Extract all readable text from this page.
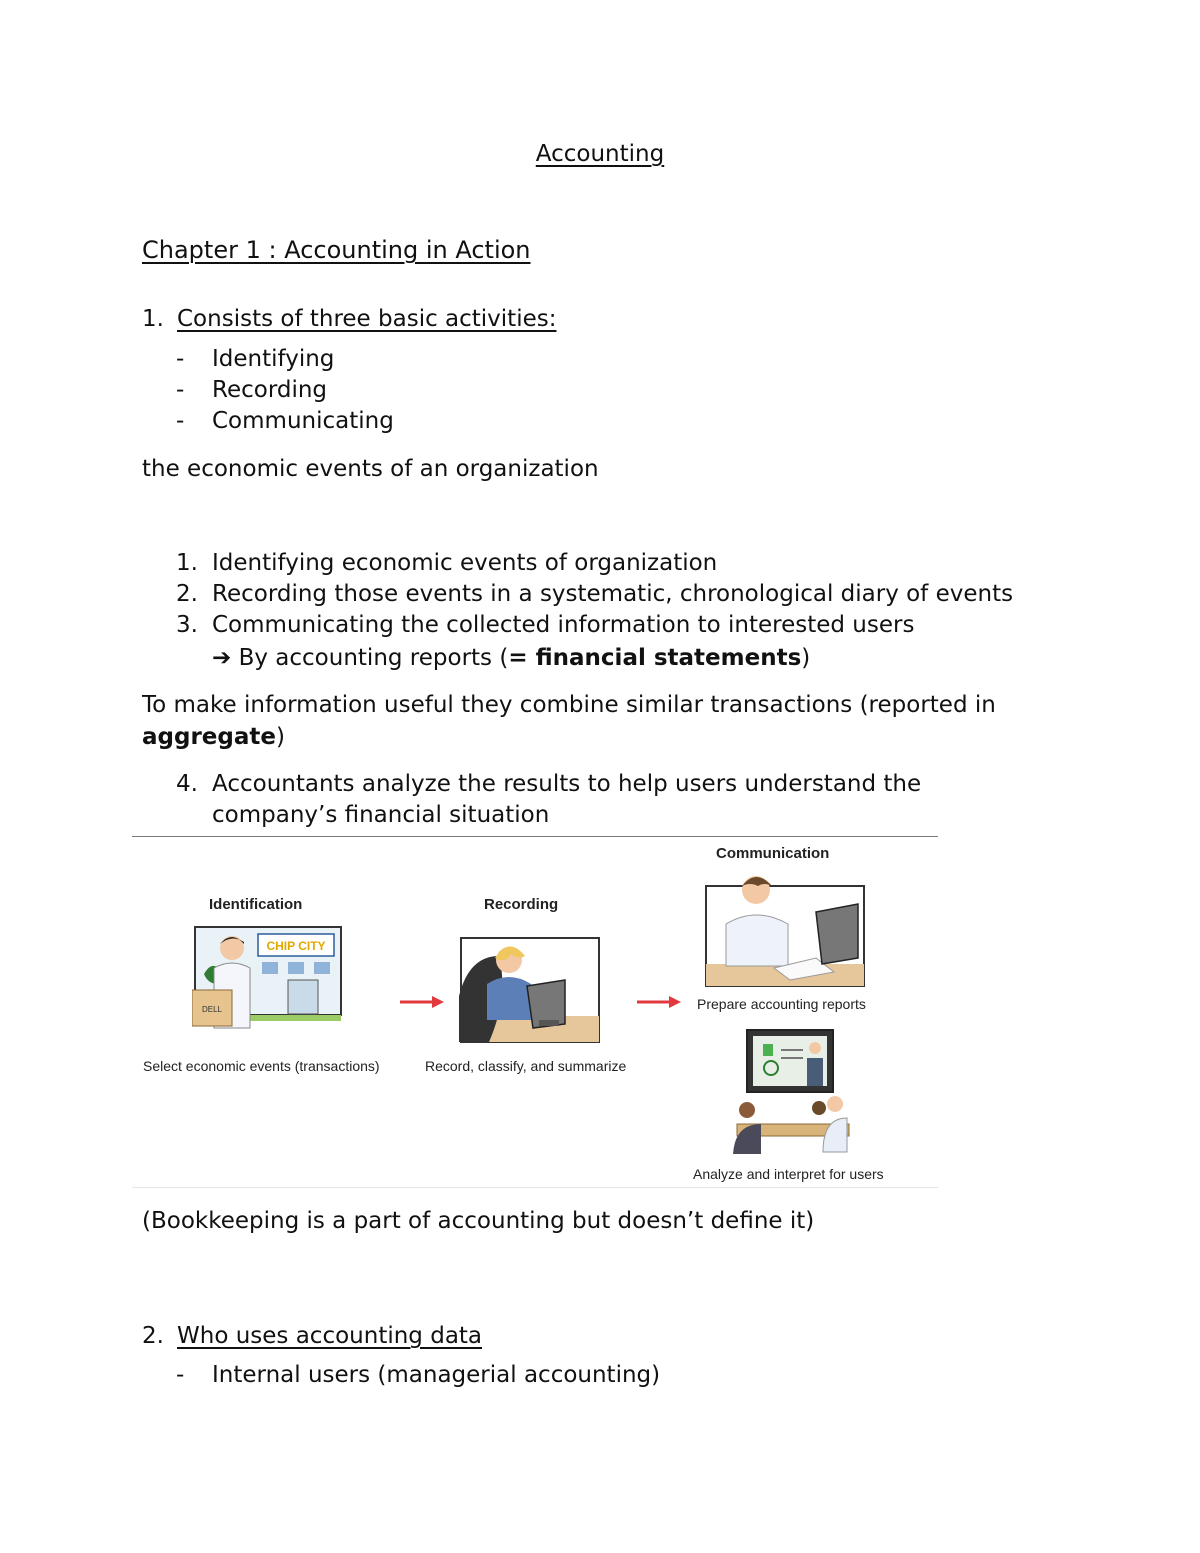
Accounting
Chapter 1 : Accounting in Action
1. Consists of three basic activities:
- Identifying
- Recording
- Communicating
the economic events of an organization
1. Identifying economic events of organization
2. Recording those events in a systematic, chronological diary of events
3. Communicating the collected information to interested users
➔ By accounting reports (= financial statements)
To make information useful they combine similar transactions (reported in
aggregate)
4. Accountants analyze the results to help users understand the
company’s financial situation
Identification	Recording
Communication
CHIP CITY
DELL
Select economic events (transactions)	Record, classify, and summarize
Prepare accounting reports
Analyze and interpret for users
(Bookkeeping is a part of accounting but doesn’t define it)
2. Who uses accounting data
- Internal users (managerial accounting)
